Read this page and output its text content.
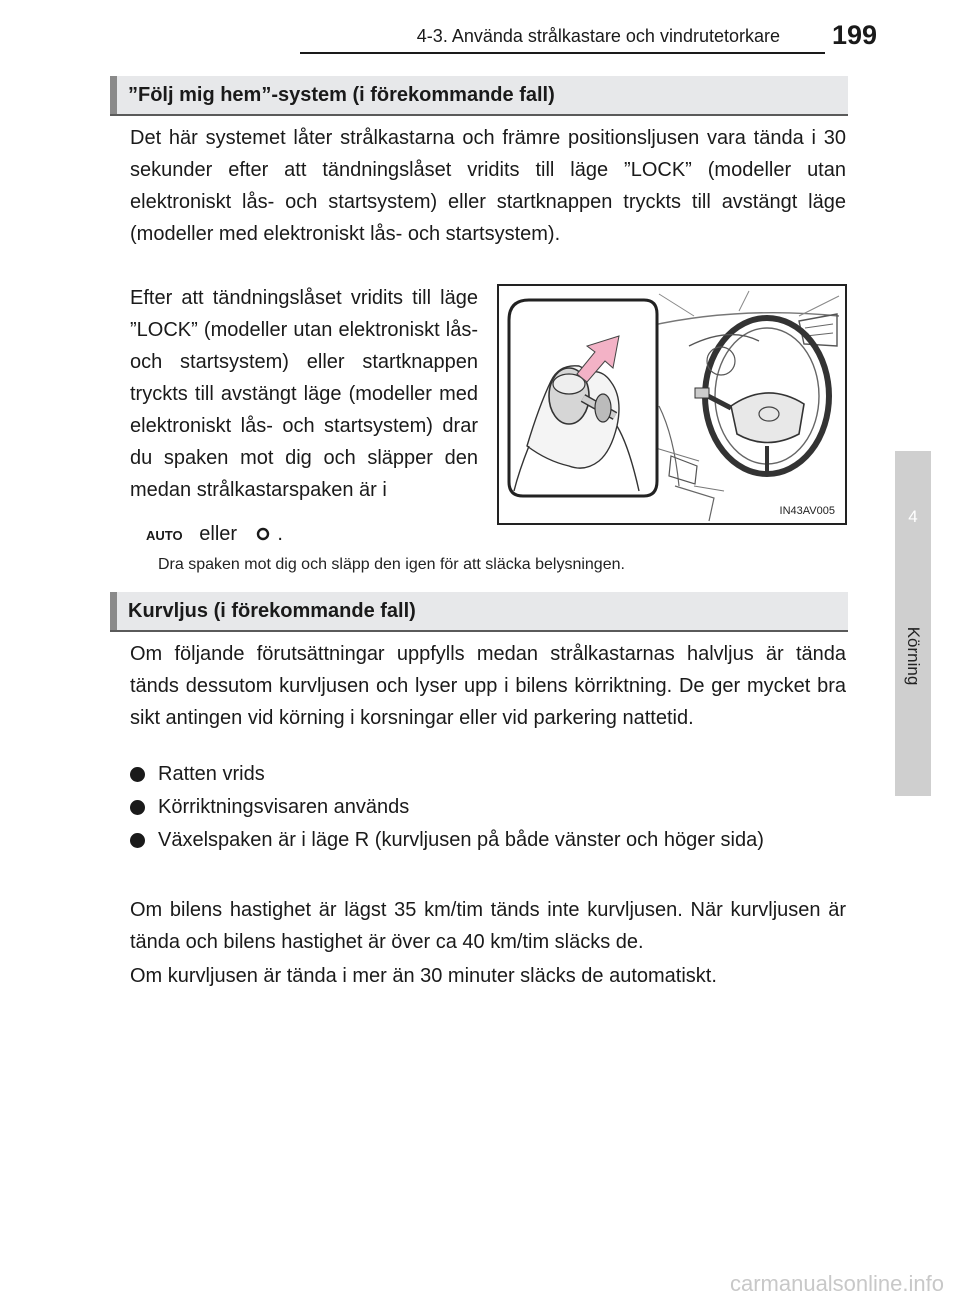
4-3. Använda strålkastare och vindrutetorkare 199
4
Körning
”Följ mig hem”-system (i förekommande fall)

Det här systemet låter strålkastarna och främre positionsljusen vara tända i 30 sekunder efter att tändningslåset vridits till läge ”LOCK” (modeller utan elektroniskt lås- och startsystem) eller startknappen tryckts till avstängt läge (modeller med elektroniskt lås- och startsystem).

Efter att tändningslåset vridits till läge ”LOCK” (modeller utan elektroniskt lås- och startsystem) eller startknappen tryckts till avstängt läge (modeller med elektroniskt lås- och startsystem) drar du spaken mot dig och släpper den medan strålkastarspaken är i

AUTO eller .
Dra spaken mot dig och släpp den igen för att släcka belysningen.
IN43AV005
Kurvljus (i förekommande fall)

Om följande förutsättningar uppfylls medan strålkastarnas halvljus är tända tänds dessutom kurvljusen och lyser upp i bilens körriktning. De ger mycket bra sikt antingen vid körning i korsningar eller vid parkering nattetid.

Ratten vrids
Körriktningsvisaren används
Växelspaken är i läge R (kurvljusen på både vänster och höger sida)

Om bilens hastighet är lägst 35 km/tim tänds inte kurvljusen. När kurvljusen är tända och bilens hastighet är över ca 40 km/tim släcks de.

Om kurvljusen är tända i mer än 30 minuter släcks de automatiskt.

carmanualsonline.info
